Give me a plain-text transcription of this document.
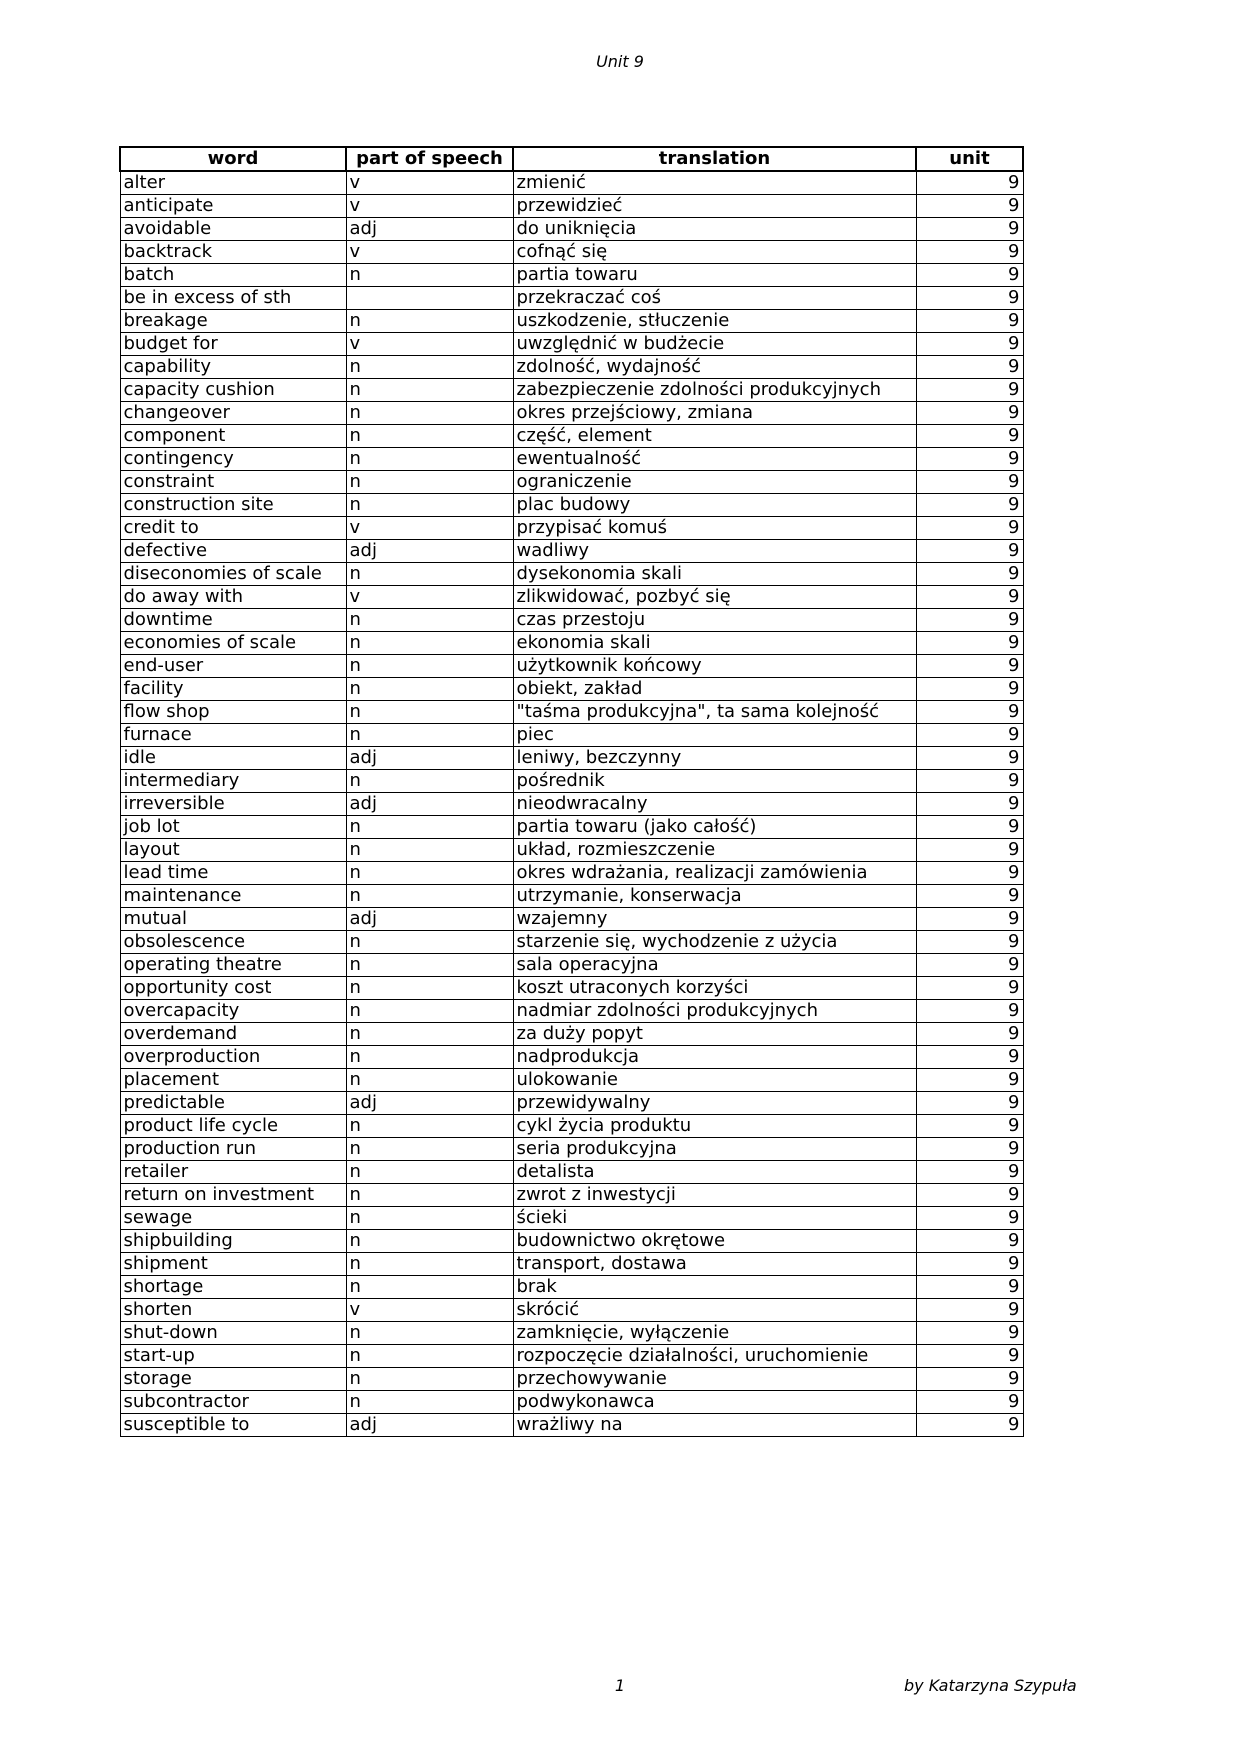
Unit 9
word	part of speech	translation	unit
alter	v	zmienić	9
anticipate	v	przewidzieć	9
avoidable	adj	do uniknięcia	9
backtrack	v	cofnąć się	9
batch	n	partia towaru	9
be in excess of sth		przekraczać coś	9
breakage	n	uszkodzenie, stłuczenie	9
budget for	v	uwzględnić w budżecie	9
capability	n	zdolność, wydajność	9
capacity cushion	n	zabezpieczenie zdolności produkcyjnych	9
changeover	n	okres przejściowy, zmiana	9
component	n	część, element	9
contingency	n	ewentualność	9
constraint	n	ograniczenie	9
construction site	n	plac budowy	9
credit to	v	przypisać komuś	9
defective	adj	wadliwy	9
diseconomies of scale	n	dysekonomia skali	9
do away with	v	zlikwidować, pozbyć się	9
downtime	n	czas przestoju	9
economies of scale	n	ekonomia skali	9
end-user	n	użytkownik końcowy	9
facility	n	obiekt, zakład	9
flow shop	n	"taśma produkcyjna", ta sama kolejność	9
furnace	n	piec	9
idle	adj	leniwy, bezczynny	9
intermediary	n	pośrednik	9
irreversible	adj	nieodwracalny	9
job lot	n	partia towaru (jako całość)	9
layout	n	układ, rozmieszczenie	9
lead time	n	okres wdrażania, realizacji zamówienia	9
maintenance	n	utrzymanie, konserwacja	9
mutual	adj	wzajemny	9
obsolescence	n	starzenie się, wychodzenie z użycia	9
operating theatre	n	sala operacyjna	9
opportunity cost	n	koszt utraconych korzyści	9
overcapacity	n	nadmiar zdolności produkcyjnych	9
overdemand	n	za duży popyt	9
overproduction	n	nadprodukcja	9
placement	n	ulokowanie	9
predictable	adj	przewidywalny	9
product life cycle	n	cykl życia produktu	9
production run	n	seria produkcyjna	9
retailer	n	detalista	9
return on investment	n	zwrot z inwestycji	9
sewage	n	ścieki	9
shipbuilding	n	budownictwo okrętowe	9
shipment	n	transport, dostawa	9
shortage	n	brak	9
shorten	v	skrócić	9
shut-down	n	zamknięcie, wyłączenie	9
start-up	n	rozpoczęcie działalności, uruchomienie	9
storage	n	przechowywanie	9
subcontractor	n	podwykonawca	9
susceptible to	adj	wrażliwy na	9
1	by Katarzyna Szypuła
